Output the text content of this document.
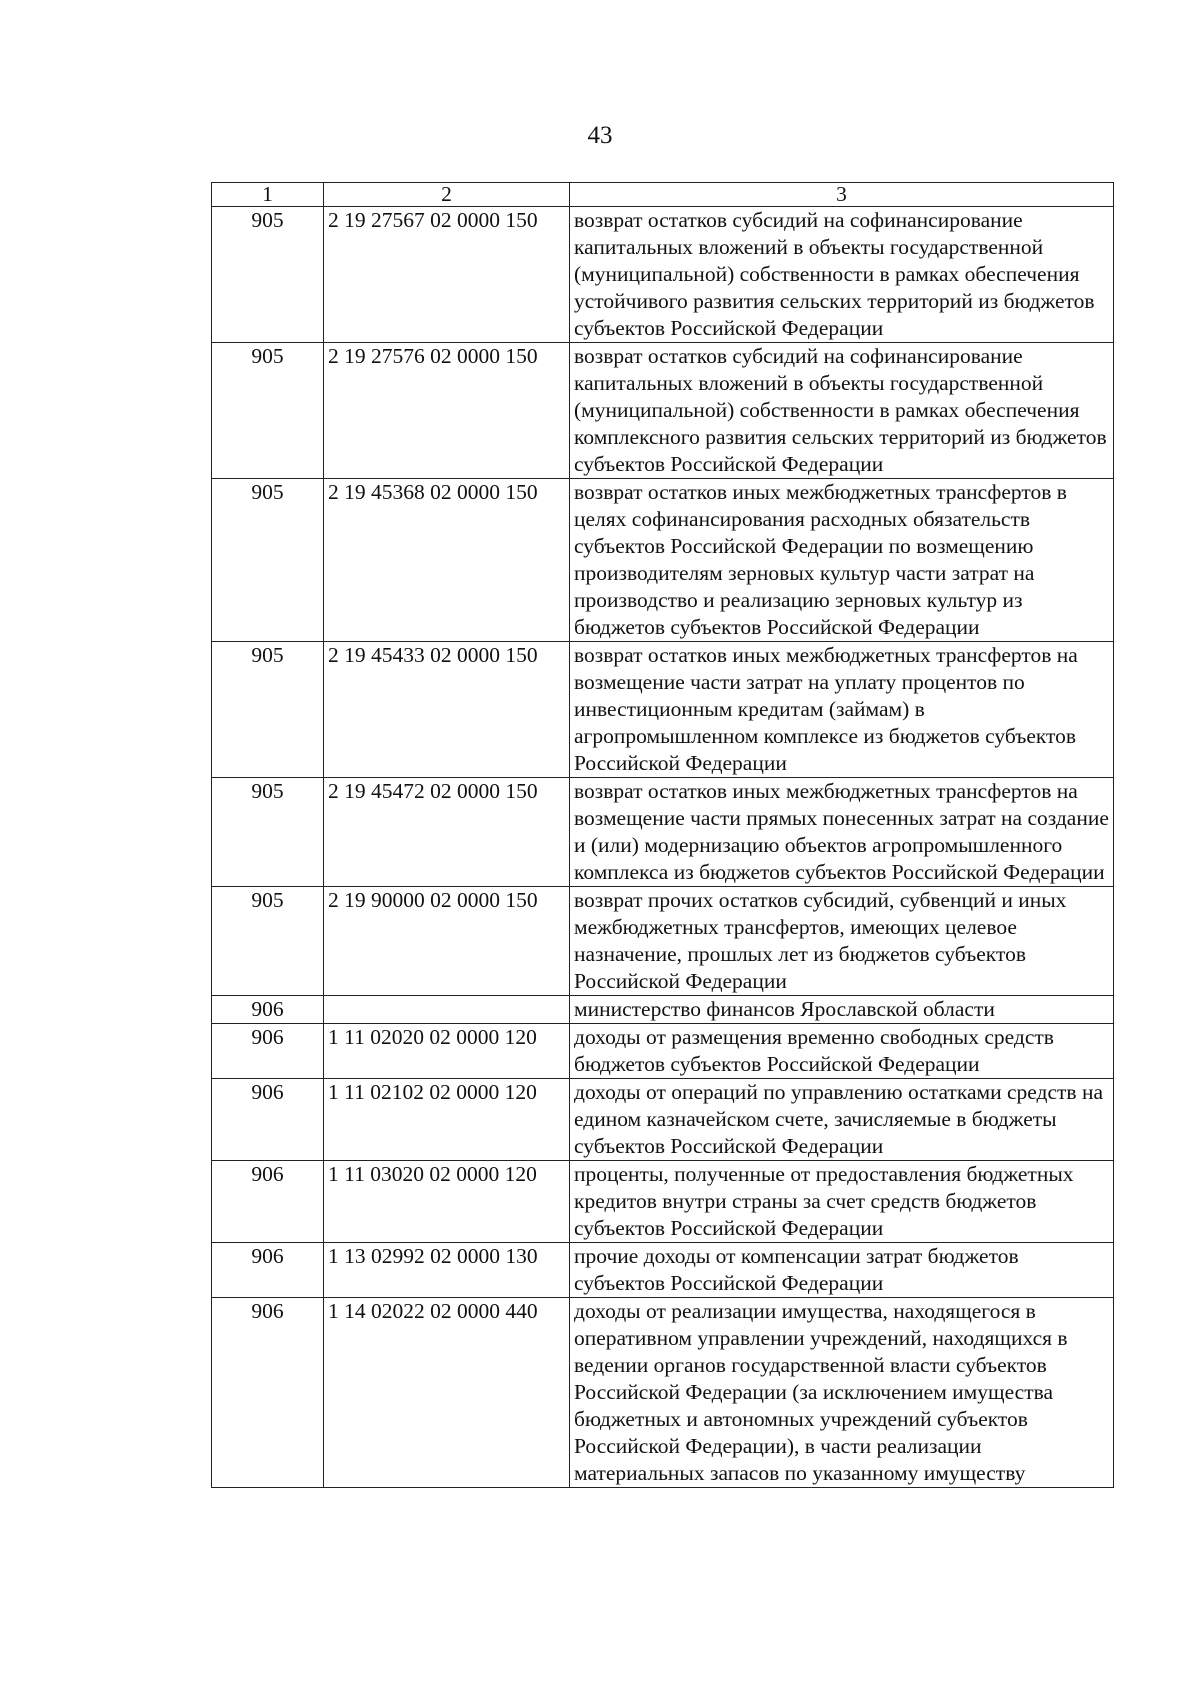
43
1	2	3
905	2 19 27567 02 0000 150	возврат остатков субсидий на софинансирование капитальных вложений в объекты государственной (муниципальной) собственности в рамках обеспечения устойчивого развития сельских территорий из бюджетов субъектов Российской Федерации
905	2 19 27576 02 0000 150	возврат остатков субсидий на софинансирование капитальных вложений в объекты государственной (муниципальной) собственности в рамках обеспечения комплексного развития сельских территорий из бюджетов субъектов Российской Федерации
905	2 19 45368 02 0000 150	возврат остатков иных межбюджетных трансфертов в целях софинансирования расходных обязательств субъектов Российской Федерации по возмещению производителям зерновых культур части затрат на производство и реализацию зерновых культур из бюджетов субъектов Российской Федерации
905	2 19 45433 02 0000 150	возврат остатков иных межбюджетных трансфертов на возмещение части затрат на уплату процентов по инвестиционным кредитам (займам) в агропромышленном комплексе из бюджетов субъектов Российской Федерации
905	2 19 45472 02 0000 150	возврат остатков иных межбюджетных трансфертов на возмещение части прямых понесенных затрат на создание и (или) модернизацию объектов агропромышленного комплекса из бюджетов субъектов Российской Федерации
905	2 19 90000 02 0000 150	возврат прочих остатков субсидий, субвенций и иных межбюджетных трансфертов, имеющих целевое назначение, прошлых лет из бюджетов субъектов Российской Федерации
906		министерство финансов Ярославской области
906	1 11 02020 02 0000 120	доходы от размещения временно свободных средств бюджетов субъектов Российской Федерации
906	1 11 02102 02 0000 120	доходы от операций по управлению остатками средств на едином казначейском счете, зачисляемые в бюджеты субъектов Российской Федерации
906	1 11 03020 02 0000 120	проценты, полученные от предоставления бюджетных кредитов внутри страны за счет средств бюджетов субъектов Российской Федерации
906	1 13 02992 02 0000 130	прочие доходы от компенсации затрат бюджетов субъектов Российской Федерации
906	1 14 02022 02 0000 440	доходы от реализации имущества, находящегося в оперативном управлении учреждений, находящихся в ведении органов государственной власти субъектов Российской Федерации (за исключением имущества бюджетных и автономных учреждений субъектов Российской Федерации), в части реализации материальных запасов по указанному имуществу
